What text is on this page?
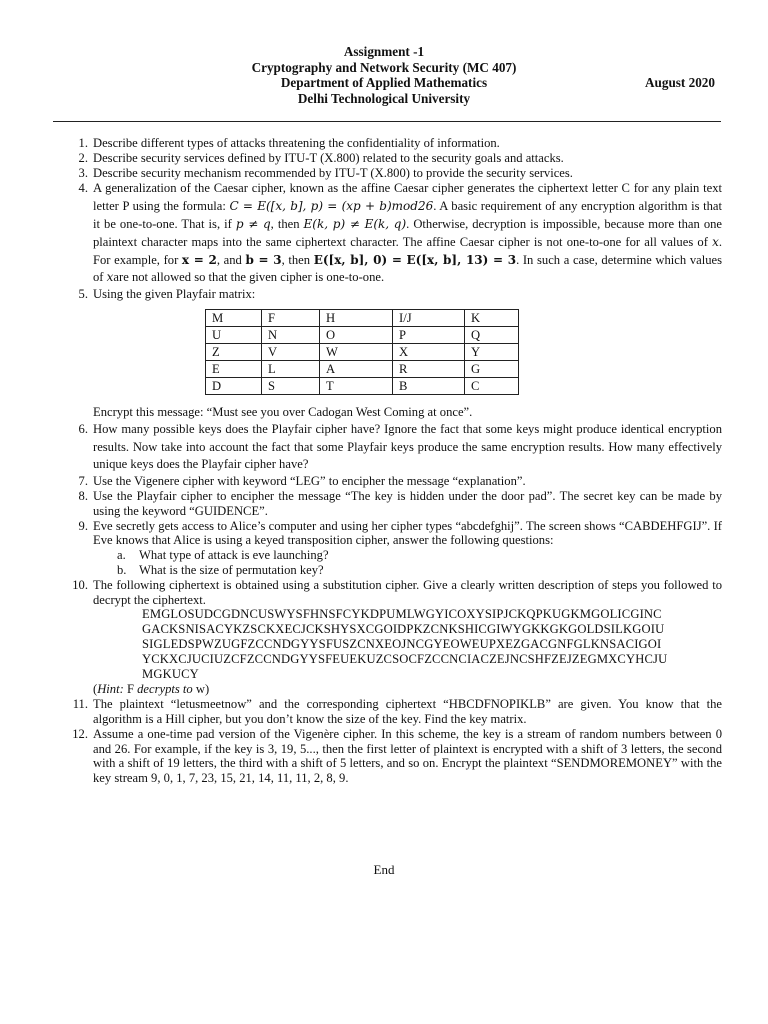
Assignment -1
Cryptography and Network Security (MC 407)
Department of Applied Mathematics
Delhi Technological University
August 2020
1. Describe different types of attacks threatening the confidentiality of information.
2. Describe security services defined by ITU-T (X.800) related to the security goals and attacks.
3. Describe security mechanism recommended by ITU-T (X.800) to provide the security services.
4. A generalization of the Caesar cipher, known as the affine Caesar cipher generates the ciphertext letter C for any plain text letter P using the formula: C = E([x, b], p) = (xp + b)mod26. A basic requirement of any encryption algorithm is that it be one-to-one. That is, if p ≠ q, then E(k, p) ≠ E(k, q). Otherwise, decryption is impossible, because more than one plaintext character maps into the same ciphertext character. The affine Caesar cipher is not one-to-one for all values of x. For example, for x = 2, and b = 3, then E([x, b], 0) = E([x, b], 13) = 3. In such a case, determine which values of xare not allowed so that the given cipher is one-to-one.
5. Using the given Playfair matrix:
M	F	H	I/J	K
U	N	O	P	Q
Z	V	W	X	Y
E	L	A	R	G
D	S	T	B	C
Encrypt this message: “Must see you over Cadogan West Coming at once”.
6. How many possible keys does the Playfair cipher have? Ignore the fact that some keys might produce identical encryption results. Now take into account the fact that some Playfair keys produce the same encryption results. How many effectively unique keys does the Playfair cipher have?
7. Use the Vigenere cipher with keyword “LEG” to encipher the message “explanation”.
8. Use the Playfair cipher to encipher the message “The key is hidden under the door pad”. The secret key can be made by using the keyword “GUIDENCE”.
9. Eve secretly gets access to Alice’s computer and using her cipher types “abcdefghij”. The screen shows “CABDEHFGIJ”. If Eve knows that Alice is using a keyed transposition cipher, answer the following questions:
a. What type of attack is eve launching?
b. What is the size of permutation key?
10. The following ciphertext is obtained using a substitution cipher. Give a clearly written description of steps you followed to decrypt the ciphertext.
EMGLOSUDCGDNCUSWYSFHNSFCYKDPUMLWGYICOXYSIPJCKQPKUGKMGOLICGINC
GACKSNISACYKZSCKXECJCKSHYSXCGOIDPKZCNKSHICGIWYGKKGKGOLDSILKGOIU
SIGLEDSPWZUGFZCCNDGYYSFUSZCNXEOJNCGYEOWEUPXEZGACGNFGLKNSACIGOI
YCKXCJUCIUZCFZCCNDGYYSFEUEKUZCSOCFZCCNCIACZEJNCSHFZEJZEGMXCYHCJU
MGKUCY
(Hint: F decrypts to w)
11. The plaintext “letusmeetnow” and the corresponding ciphertext “HBCDFNOPIKLB” are given. You know that the algorithm is a Hill cipher, but you don’t know the size of the key. Find the key matrix.
12. Assume a one-time pad version of the Vigenère cipher. In this scheme, the key is a stream of random numbers between 0 and 26. For example, if the key is 3, 19, 5..., then the first letter of plaintext is encrypted with a shift of 3 letters, the second with a shift of 19 letters, the third with a shift of 5 letters, and so on. Encrypt the plaintext “SENDMOREMONEY” with the key stream 9, 0, 1, 7, 23, 15, 21, 14, 11, 11, 2, 8, 9.
End
